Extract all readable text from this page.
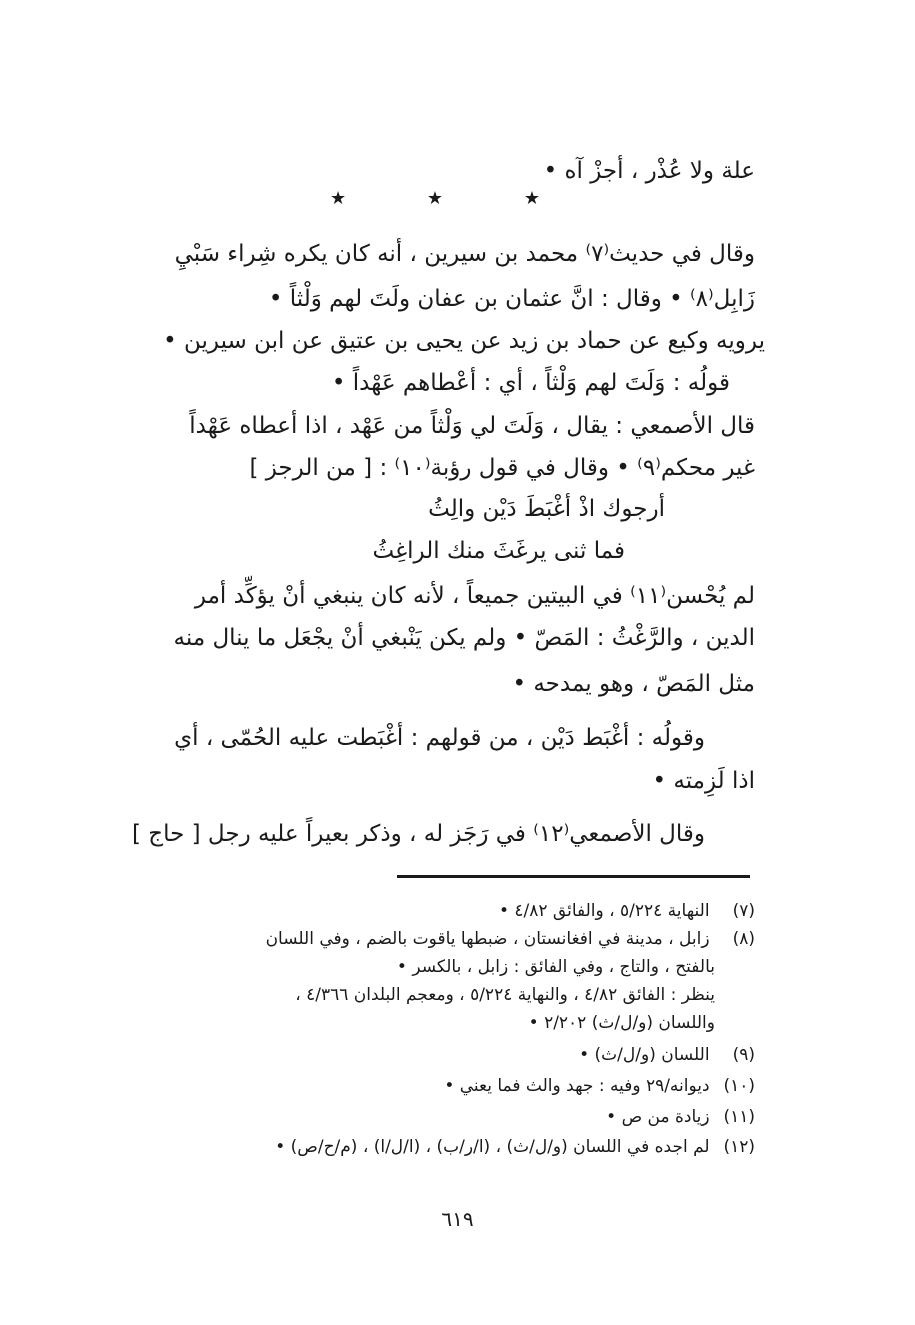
علة ولا عُذْر ، أجزْ آه •
★	★	★
وقال في حديث⁽٧⁾ محمد بن سيرين ، أنه كان يكره شِراء سَبْيِ
زَابِل⁽٨⁾ • وقال : انَّ عثمان بن عفان ولَتَ لهم وَلْثاً •
يرويه وكيع عن حماد بن زيد عن يحيى بن عتيق عن ابن سيرين •
قولُه : وَلَتَ لهم وَلْثاً ، أي : أعْطاهم عَهْداً •
قال الأصمعي : يقال ، وَلَتَ لي وَلْثاً من عَهْد ، اذا أعطاه عَهْداً
غير محكم⁽٩⁾ • وقال في قول رؤبة⁽١٠⁾ : [ من الرجز ]
أرجوك اذْ أغْبَطَ دَيْن والِثُ
فما ثنى يرغَثَ منك الراغِثُ
لم يُحْسن⁽١١⁾ في البيتين جميعاً ، لأنه كان ينبغي أنْ يؤكِّد أمر
الدين ، والرَّغْثُ : المَصّ • ولم يكن يَنْبغي أنْ يجْعَل ما ينال منه
مثل المَصّ ، وهو يمدحه •
وقولُه : أغْبَط دَيْن ، من قولهم : أغْبَطت عليه الحُمّى ، أي
اذا لَزِمته •
وقال الأصمعي⁽١٢⁾ في رَجَز له ، وذكر بعيراً عليه رجل [ حاج ]
(٧) النهاية ٥/٢٢٤ ، والفائق ٤/٨٢ •
(٨) زابل ، مدينة في افغانستان ، ضبطها ياقوت بالضم ، وفي اللسان
بالفتح ، والتاج ، وفي الفائق : زابل ، بالكسر •
ينظر : الفائق ٤/٨٢ ، والنهاية ٥/٢٢٤ ، ومعجم البلدان ٤/٣٦٦ ،
واللسان (و/ل/ث) ٢/٢٠٢ •
(٩) اللسان (و/ل/ث) •
(١٠) ديوانه/٢٩ وفيه : جهد والث فما يعني •
(١١) زيادة من ص •
(١٢) لم اجده في اللسان (و/ل/ث) ، (ا/ر/ب) ، (ا/ل/ا) ، (م/ح/ص) •
٦١٩
